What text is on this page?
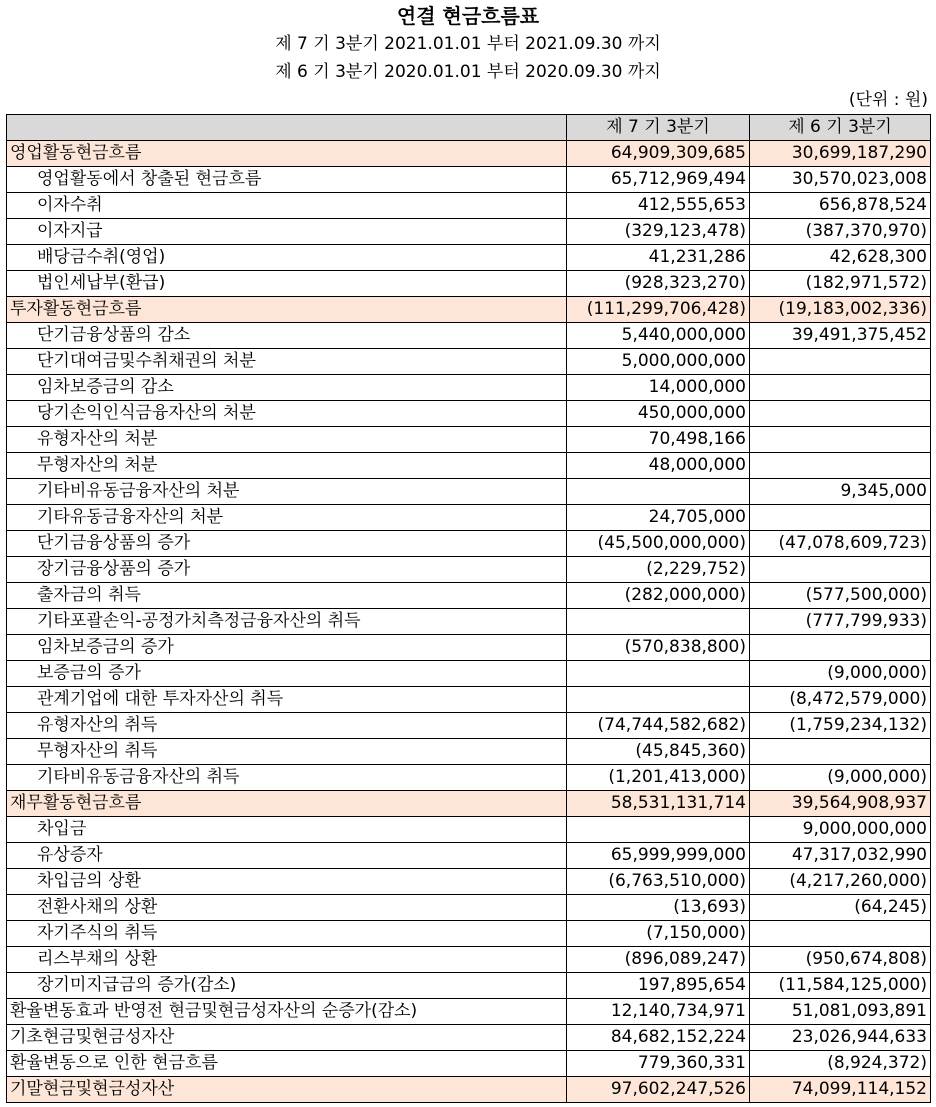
연결 현금흐름표
제 7 기 3분기 2021.01.01 부터 2021.09.30 까지
제 6 기 3분기 2020.01.01 부터 2020.09.30 까지
(단위 : 원)
	제 7 기 3분기	제 6 기 3분기
영업활동현금흐름	64,909,309,685	30,699,187,290
영업활동에서 창출된 현금흐름	65,712,969,494	30,570,023,008
이자수취	412,555,653	656,878,524
이자지급	(329,123,478)	(387,370,970)
배당금수취(영업)	41,231,286	42,628,300
법인세납부(환급)	(928,323,270)	(182,971,572)
투자활동현금흐름	(111,299,706,428)	(19,183,002,336)
단기금융상품의 감소	5,440,000,000	39,491,375,452
단기대여금및수취채권의 처분	5,000,000,000	
임차보증금의 감소	14,000,000	
당기손익인식금융자산의 처분	450,000,000	
유형자산의 처분	70,498,166	
무형자산의 처분	48,000,000	
기타비유동금융자산의 처분		9,345,000
기타유동금융자산의 처분	24,705,000	
단기금융상품의 증가	(45,500,000,000)	(47,078,609,723)
장기금융상품의 증가	(2,229,752)	
출자금의 취득	(282,000,000)	(577,500,000)
기타포괄손익-공정가치측정금융자산의 취득		(777,799,933)
임차보증금의 증가	(570,838,800)	
보증금의 증가		(9,000,000)
관계기업에 대한 투자자산의 취득		(8,472,579,000)
유형자산의 취득	(74,744,582,682)	(1,759,234,132)
무형자산의 취득	(45,845,360)	
기타비유동금융자산의 취득	(1,201,413,000)	(9,000,000)
재무활동현금흐름	58,531,131,714	39,564,908,937
차입금		9,000,000,000
유상증자	65,999,999,000	47,317,032,990
차입금의 상환	(6,763,510,000)	(4,217,260,000)
전환사채의 상환	(13,693)	(64,245)
자기주식의 취득	(7,150,000)	
리스부채의 상환	(896,089,247)	(950,674,808)
장기미지급금의 증가(감소)	197,895,654	(11,584,125,000)
환율변동효과 반영전 현금및현금성자산의 순증가(감소)	12,140,734,971	51,081,093,891
기초현금및현금성자산	84,682,152,224	23,026,944,633
환율변동으로 인한 현금흐름	779,360,331	(8,924,372)
기말현금및현금성자산	97,602,247,526	74,099,114,152
